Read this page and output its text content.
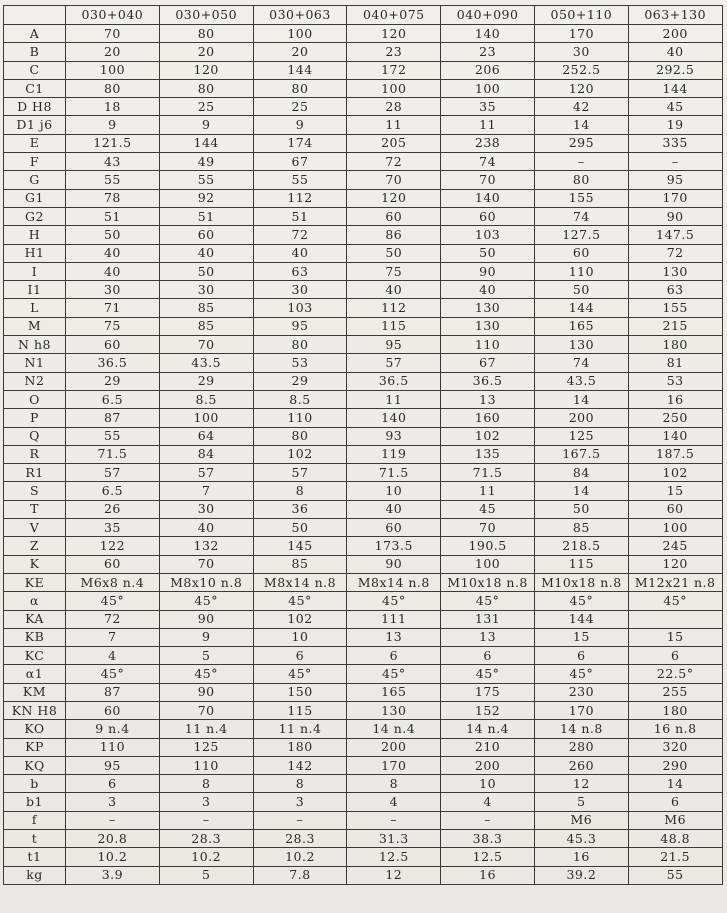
	030+040	030+050	030+063	040+075	040+090	050+110	063+130
A	70	80	100	120	140	170	200
B	20	20	20	23	23	30	40
C	100	120	144	172	206	252.5	292.5
C1	80	80	80	100	100	120	144
D H8	18	25	25	28	35	42	45
D1 j6	9	9	9	11	11	14	19
E	121.5	144	174	205	238	295	335
F	43	49	67	72	74	–	–
G	55	55	55	70	70	80	95
G1	78	92	112	120	140	155	170
G2	51	51	51	60	60	74	90
H	50	60	72	86	103	127.5	147.5
H1	40	40	40	50	50	60	72
I	40	50	63	75	90	110	130
I1	30	30	30	40	40	50	63
L	71	85	103	112	130	144	155
M	75	85	95	115	130	165	215
N h8	60	70	80	95	110	130	180
N1	36.5	43.5	53	57	67	74	81
N2	29	29	29	36.5	36.5	43.5	53
O	6.5	8.5	8.5	11	13	14	16
P	87	100	110	140	160	200	250
Q	55	64	80	93	102	125	140
R	71.5	84	102	119	135	167.5	187.5
R1	57	57	57	71.5	71.5	84	102
S	6.5	7	8	10	11	14	15
T	26	30	36	40	45	50	60
V	35	40	50	60	70	85	100
Z	122	132	145	173.5	190.5	218.5	245
K	60	70	85	90	100	115	120
KE	M6x8 n.4	M8x10 n.8	M8x14 n.8	M8x14 n.8	M10x18 n.8	M10x18 n.8	M12x21 n.8
α	45°	45°	45°	45°	45°	45°	45°
KA	72	90	102	111	131	144	
KB	7	9	10	13	13	15	15
KC	4	5	6	6	6	6	6
α1	45°	45°	45°	45°	45°	45°	22.5°
KM	87	90	150	165	175	230	255
KN H8	60	70	115	130	152	170	180
KO	9 n.4	11 n.4	11 n.4	14 n.4	14 n.4	14 n.8	16 n.8
KP	110	125	180	200	210	280	320
KQ	95	110	142	170	200	260	290
b	6	8	8	8	10	12	14
b1	3	3	3	4	4	5	6
f	–	–	–	–	–	M6	M6
t	20.8	28.3	28.3	31.3	38.3	45.3	48.8
t1	10.2	10.2	10.2	12.5	12.5	16	21.5
kg	3.9	5	7.8	12	16	39.2	55
